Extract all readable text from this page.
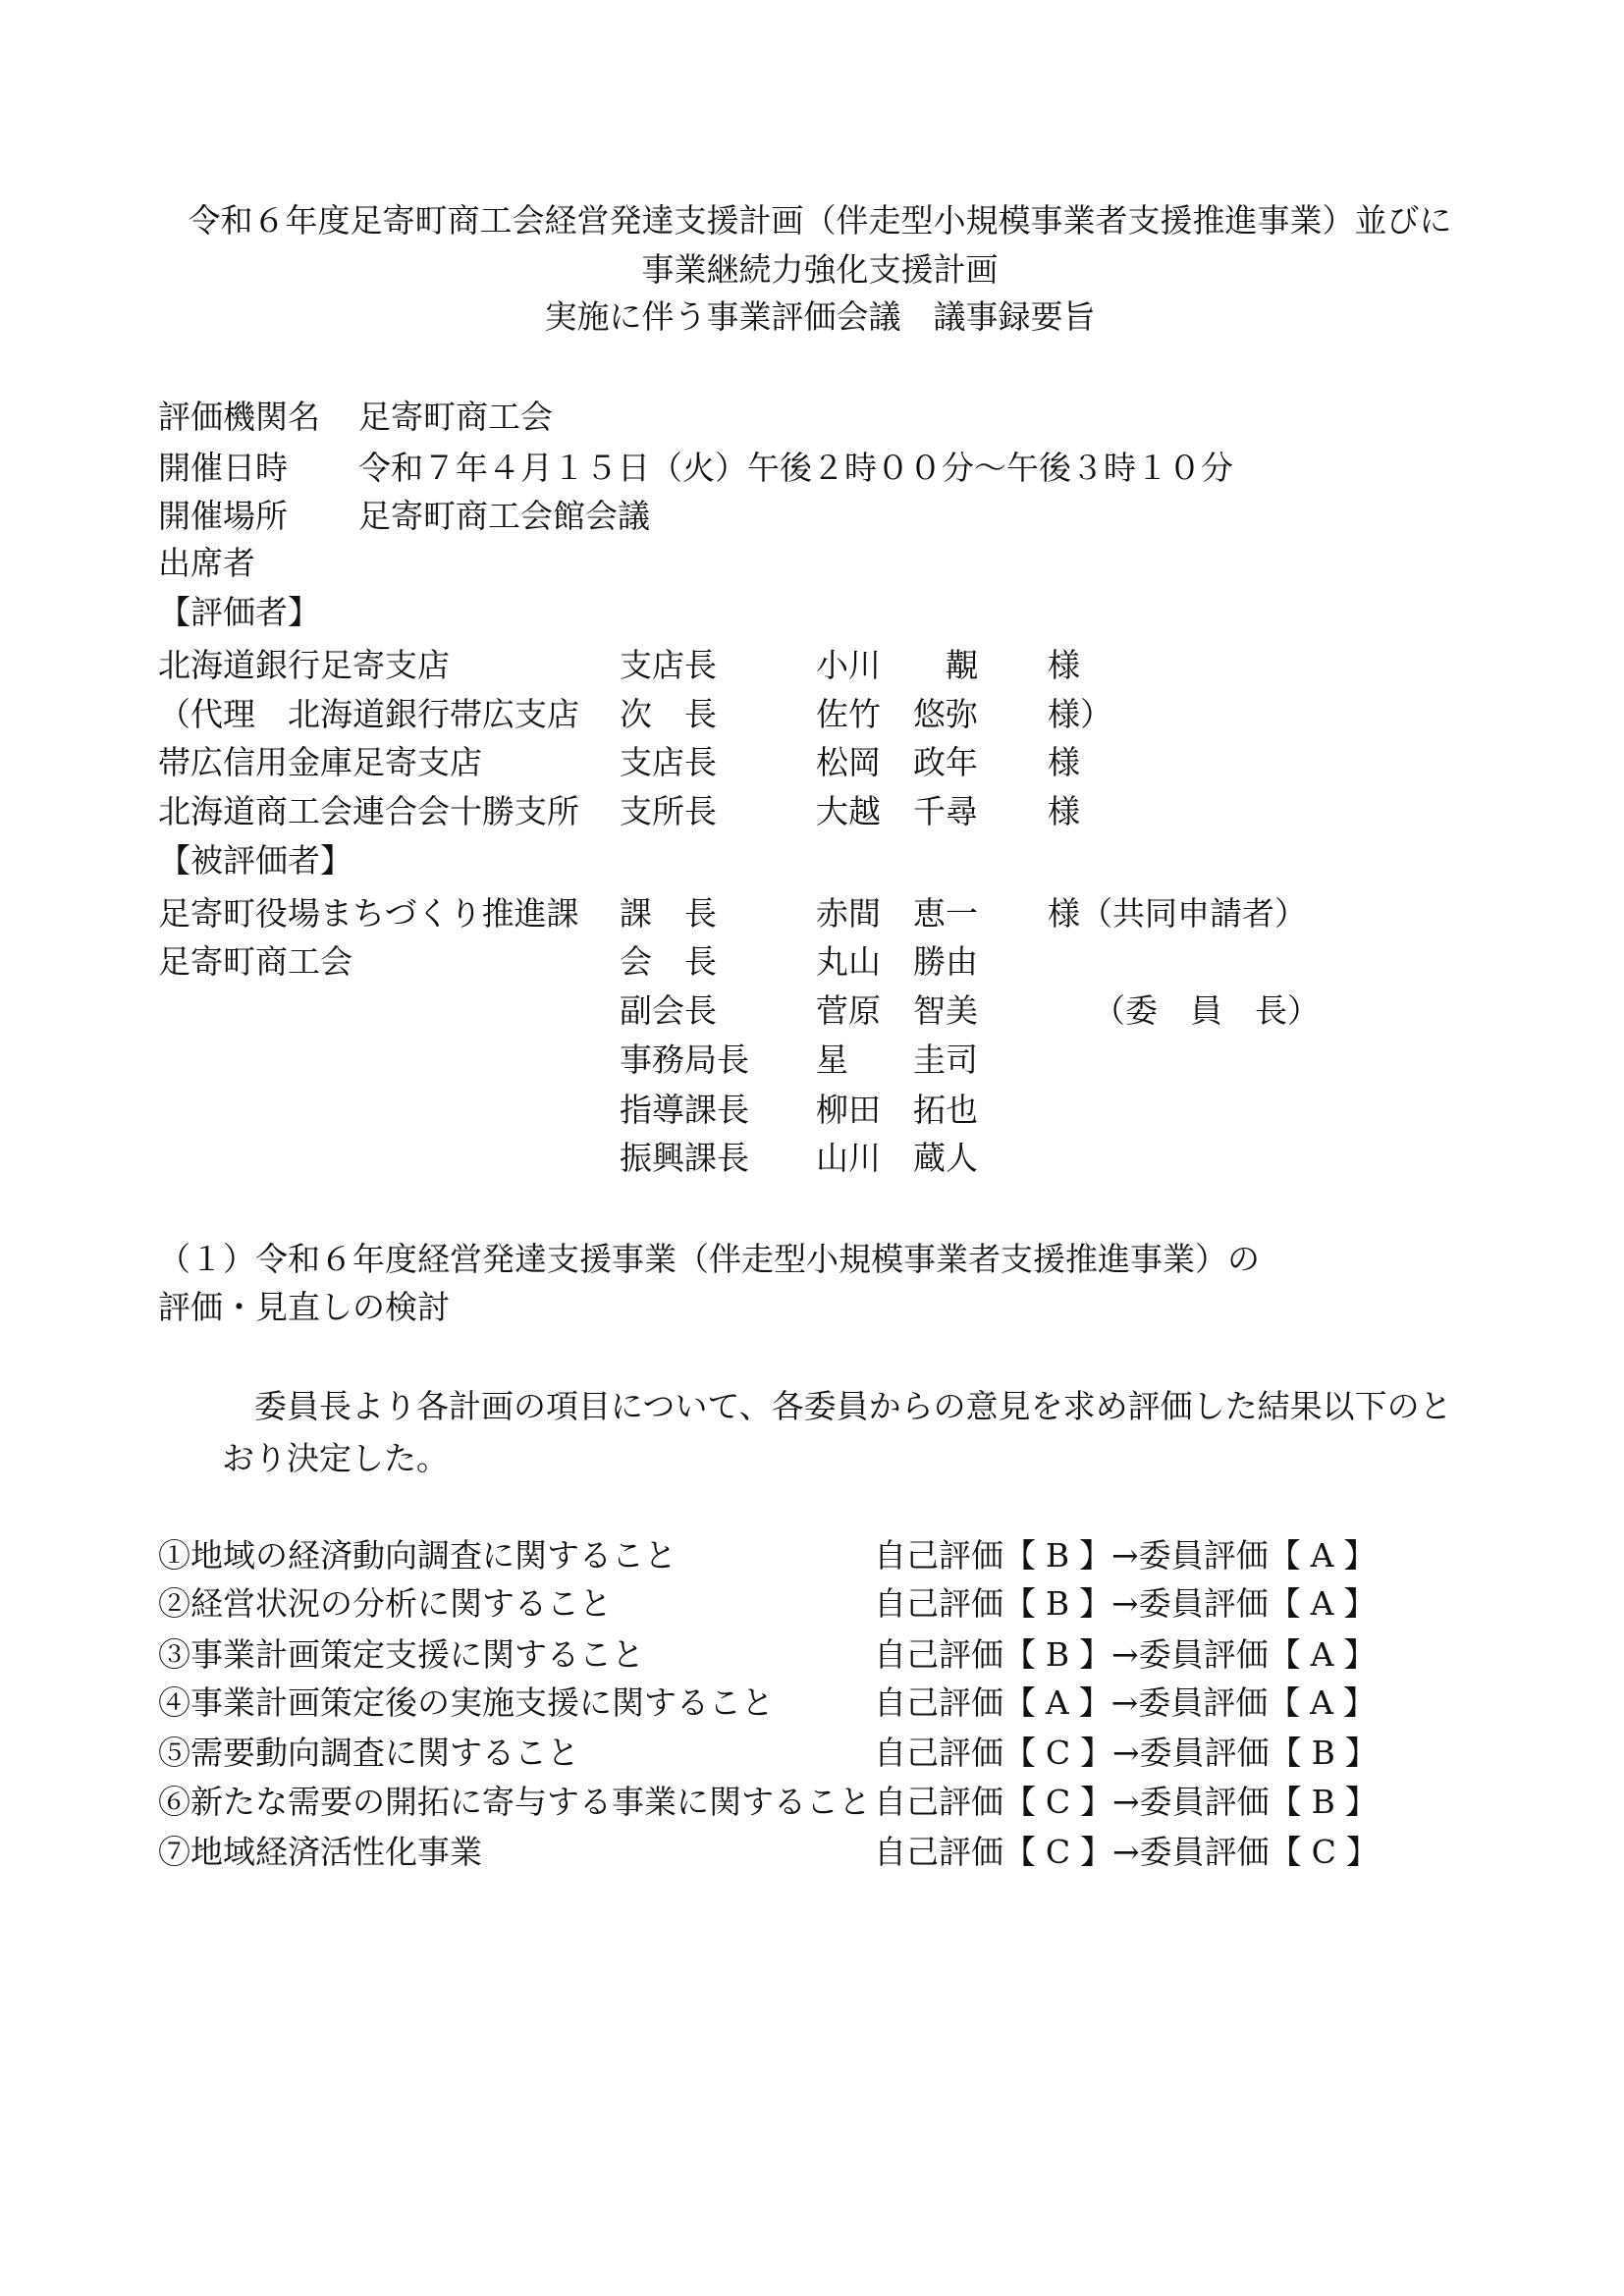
令和６年度足寄町商工会経営発達支援計画（伴走型小規模事業者支援推進事業）並びに
事業継続力強化支援計画
実施に伴う事業評価会議　議事録要旨
評価機関名 足寄町商工会
開催日時 令和７年４月１５日（火）午後２時００分～午後３時１０分
開催場所 足寄町商工会館会議
出席者
【評価者】
北海道銀行足寄支店	支店長	小川　　覯 様
（代理　北海道銀行帯広支店 次　長	佐竹　悠弥 様）
帯広信用金庫足寄支店	支店長	松岡　政年 様
北海道商工会連合会十勝支所 支所長	大越　千尋 様
【被評価者】
足寄町役場まちづくり推進課 課　長	赤間　恵一 様（共同申請者）
足寄町商工会	会　長	丸山　勝由
副会長	菅原　智美	（委　員　長）
事務局長 星　　圭司
指導課長 柳田　拓也
振興課長 山川　蔵人
（１）令和６年度経営発達支援事業（伴走型小規模事業者支援推進事業）の
評価・見直しの検討
委員長より各計画の項目について、各委員からの意見を求め評価した結果以下のと
おり決定した。
①地域の経済動向調査に関すること	自己評価【 B 】→委員評価【 A 】
②経営状況の分析に関すること	自己評価【 B 】→委員評価【 A 】
③事業計画策定支援に関すること	自己評価【 B 】→委員評価【 A 】
④事業計画策定後の実施支援に関すること	自己評価【 A 】→委員評価【 A 】
⑤需要動向調査に関すること	自己評価【 C 】→委員評価【 B 】
⑥新たな需要の開拓に寄与する事業に関すること 自己評価【 C 】→委員評価【 B 】
⑦地域経済活性化事業	自己評価【 C 】→委員評価【 C 】
